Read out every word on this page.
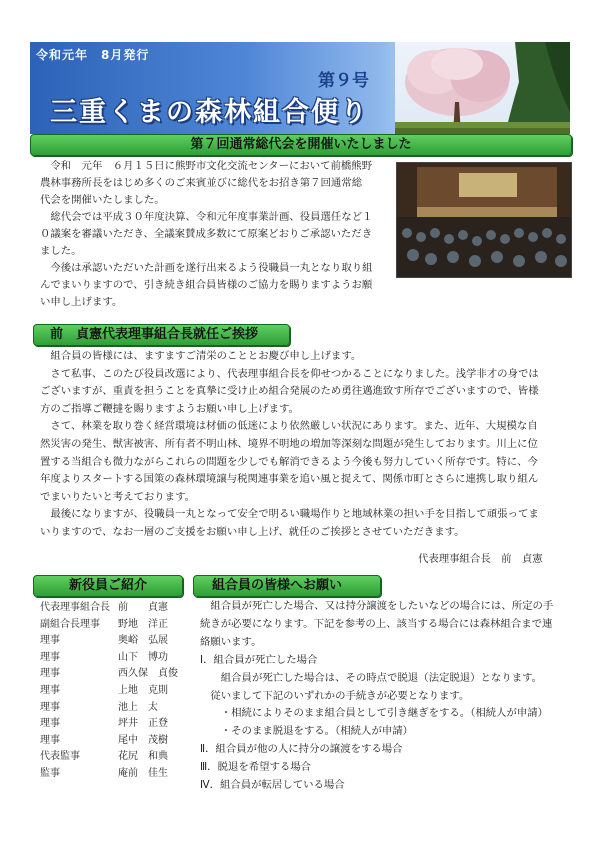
令和元年　8月発行
第９号
三重くまの森林組合便り
第７回通常総代会を開催いたしました

　令和　元年　６月１５日に熊野市文化交流センターにおいて前橋熊野

農林事務所長をはじめ多くのご来賓並びに総代をお招き第７回通常総

代会を開催いたしました。

　総代会では平成３０年度決算、令和元年度事業計画、役員選任など１

０議案を審議いただき、全議案賛成多数にて原案どおりご承認いただき

ました。

　今後は承認いただいた計画を遂行出来るよう役職員一丸となり取り組

んでまいりますので、引き続き組合員皆様のご協力を賜りますようお願

い申し上げます。

前　貞憲代表理事組合長就任ご挨拶

　組合員の皆様には、ますますご清栄のこととお慶び申し上げます。

　さて私事、このたび役員改選により、代表理事組合長を仰せつかることになりました。浅学非才の身では

ございますが、重責を担うことを真摯に受け止め組合発展のため勇往邁進致す所存でございますので、皆様

方のご指導ご鞭撻を賜りますようお願い申し上げます。

　さて、林業を取り巻く経営環境は材価の低迷により依然厳しい状況にあります。また、近年、大規模な自

然災害の発生、獣害被害、所有者不明山林、境界不明地の増加等深刻な問題が発生しております。川上に位

置する当組合も微力ながらこれらの問題を少しでも解消できるよう今後も努力していく所存です。特に、今

年度よりスタートする国策の森林環境譲与税関連事業を追い風と捉えて、関係市町とさらに連携し取り組ん

でまいりたいと考えております。

　最後になりますが、役職員一丸となって安全で明るい職場作りと地域林業の担い手を目指して頑張ってま

いりますので、なお一層のご支援をお願い申し上げ、就任のご挨拶とさせていただきます。

代表理事組合長　前　貞憲
新役員ご紹介
代表理事組合長 前　　貞憲
副組合長理事	野地　洋正
理事	奥峪　弘展
理事	山下　博功
理事	西久保　貞俊
理事	上地　克則
理事	池上　太
理事	坪井　正登
理事	尾中　茂樹
代表監事	花尻　和典
監事	庵前　佳生
組合員の皆様へお願い

　組合員が死亡した場合、又は持分譲渡をしたいなどの場合には、所定の手

続きが必要になります。下記を参考の上、該当する場合には森林組合まで連

絡願います。

Ⅰ．組合員が死亡した場合

　　組合員が死亡した場合は、その時点で脱退（法定脱退）となります。

　従いまして下記のいずれかの手続きが必要となります。

　　・相続によりそのまま組合員として引き継ぎをする。（相続人が申請）

　　・そのまま脱退をする。（相続人が申請）

Ⅱ．組合員が他の人に持分の譲渡をする場合

Ⅲ．脱退を希望する場合

Ⅳ．組合員が転居している場合
